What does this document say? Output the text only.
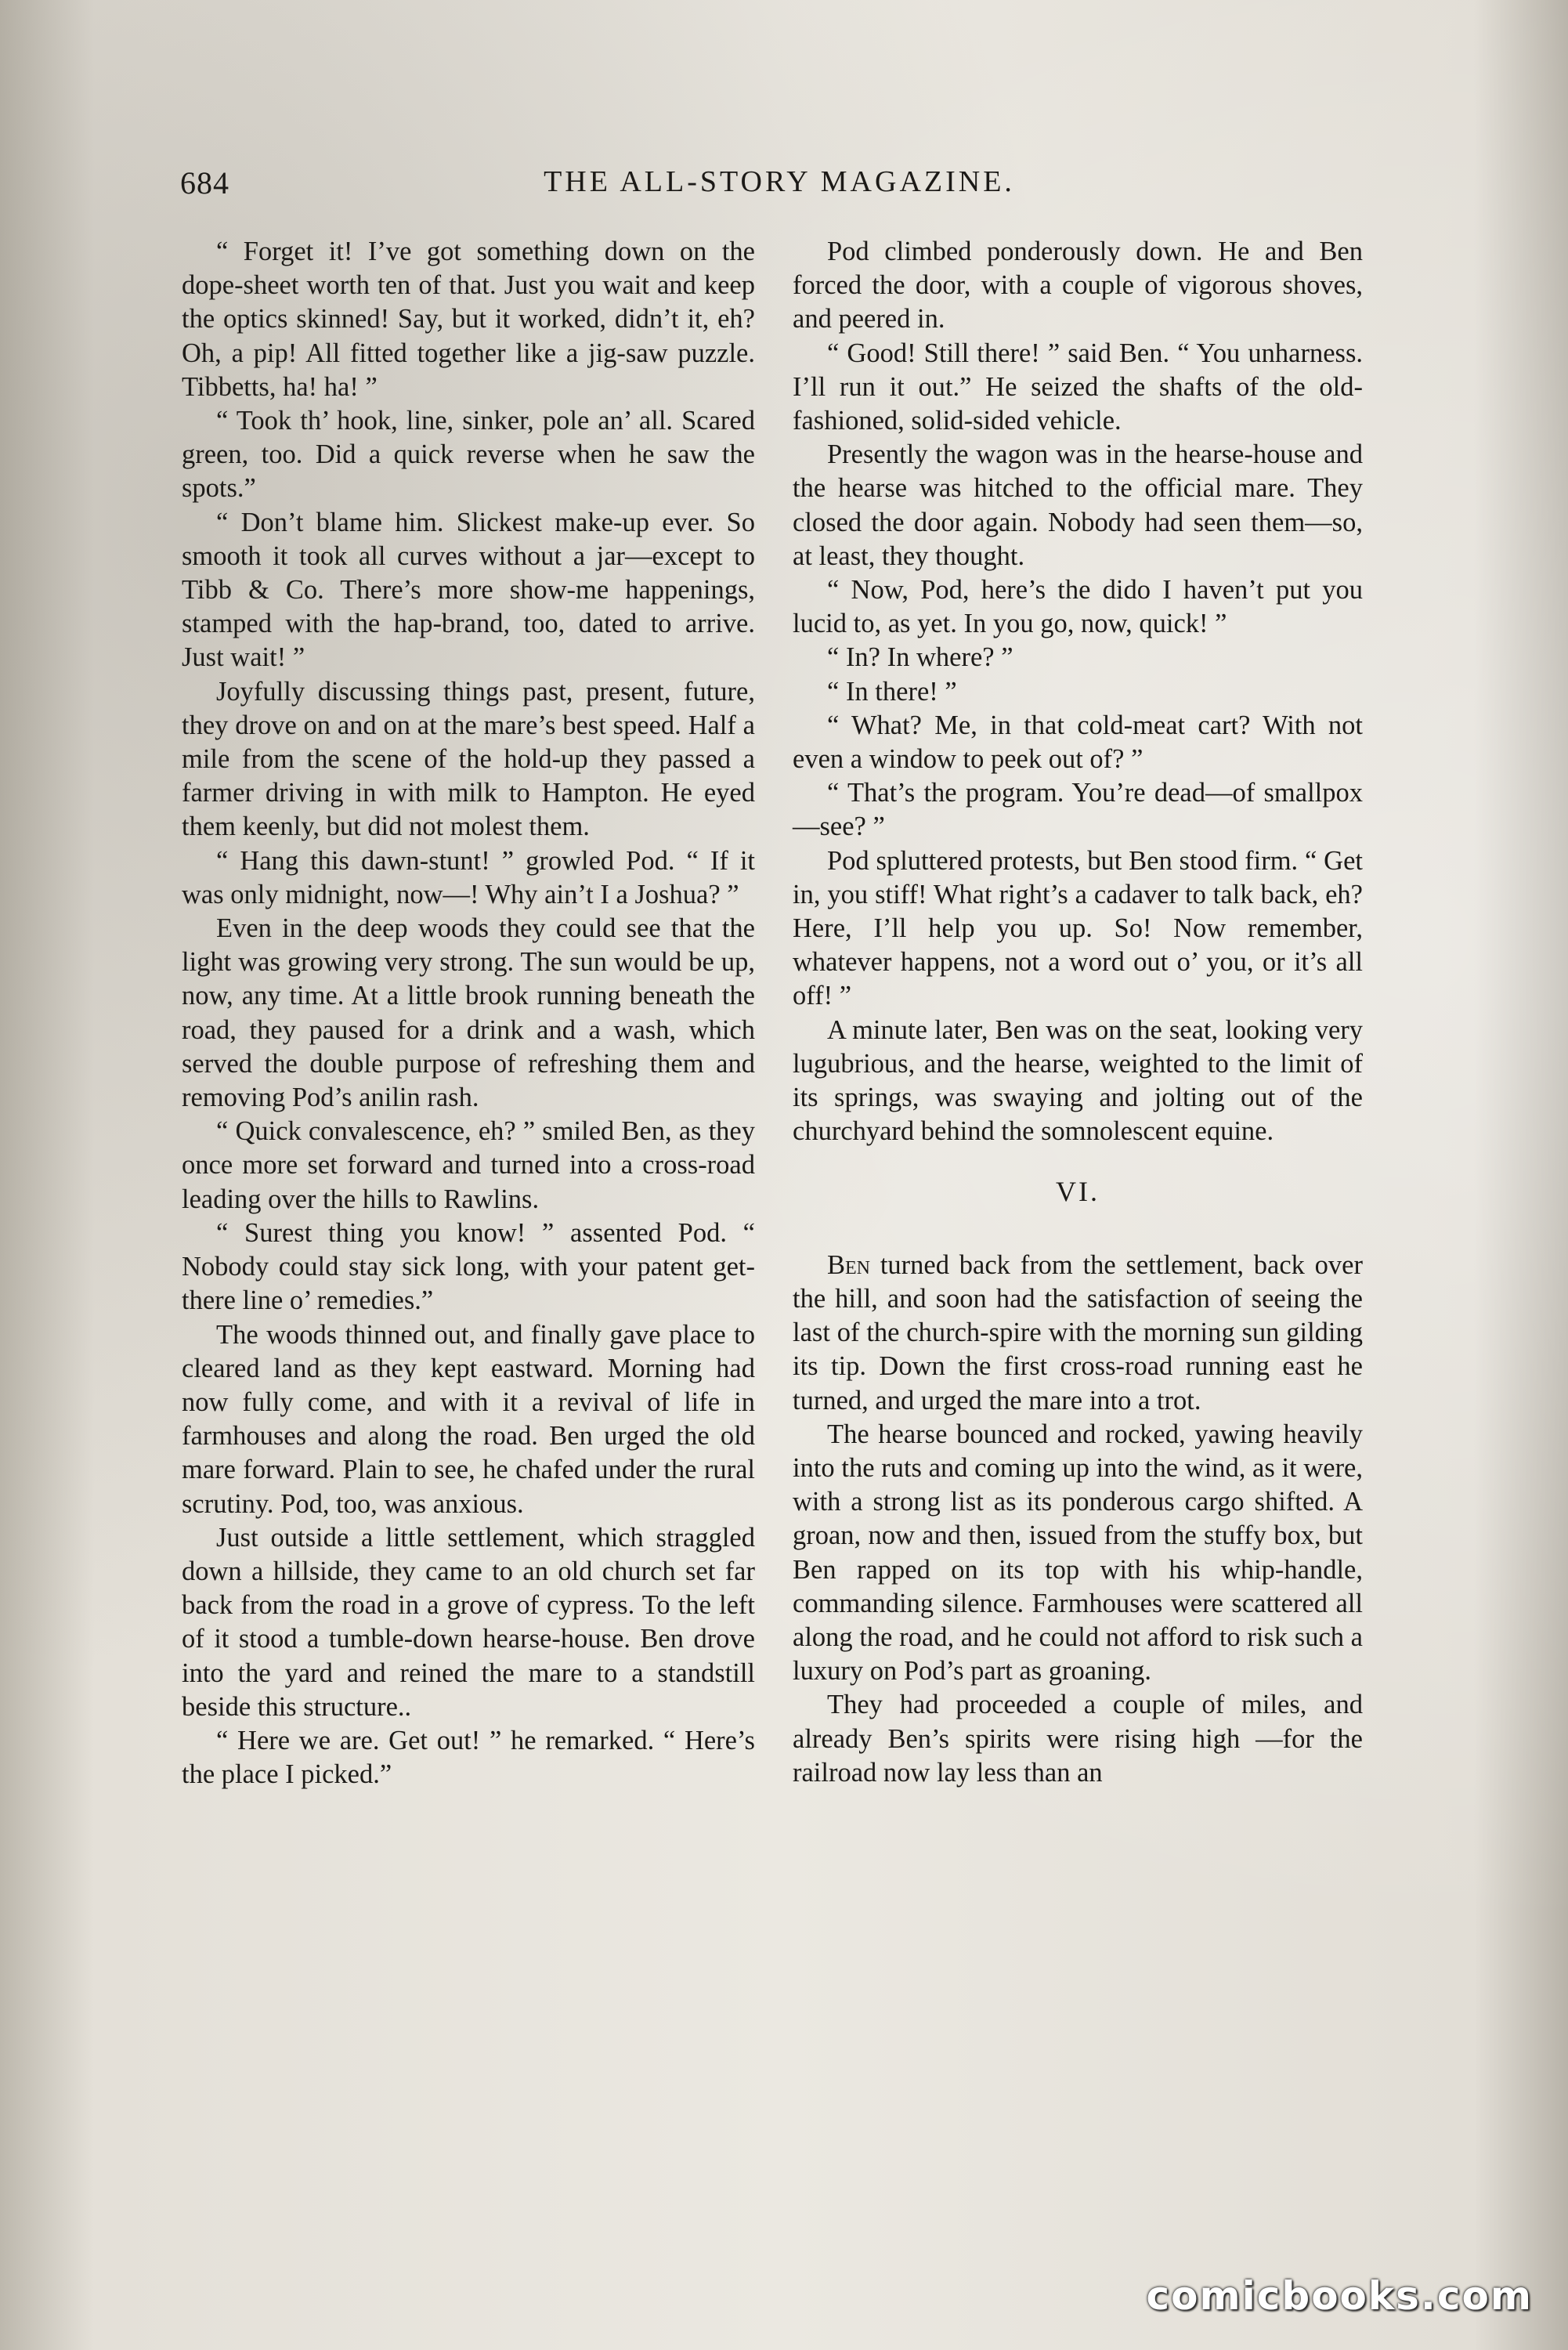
684	THE ALL-STORY MAGAZINE.

“ Forget it! I’ve got something down on the dope-sheet worth ten of that. Just you wait and keep the optics skinned! Say, but it worked, didn’t it, eh? Oh, a pip! All fitted together like a jig-saw puzzle. Tibbetts, ha! ha! ”

“ Took th’ hook, line, sinker, pole an’ all. Scared green, too. Did a quick reverse when he saw the spots.”

“ Don’t blame him. Slickest make-up ever. So smooth it took all curves without a jar—except to Tibb & Co. There’s more show-me happenings, stamped with the hap-brand, too, dated to arrive. Just wait! ”

Joyfully discussing things past, present, future, they drove on and on at the mare’s best speed. Half a mile from the scene of the hold-up they passed a farmer driving in with milk to Hampton. He eyed them keenly, but did not molest them.

“ Hang this dawn-stunt! ” growled Pod. “ If it was only midnight, now—! Why ain’t I a Joshua? ”

Even in the deep woods they could see that the light was growing very strong. The sun would be up, now, any time. At a little brook running beneath the road, they paused for a drink and a wash, which served the double purpose of refreshing them and removing Pod’s anilin rash.

“ Quick convalescence, eh? ” smiled Ben, as they once more set forward and turned into a cross-road leading over the hills to Rawlins.

“ Surest thing you know! ” assented Pod. “ Nobody could stay sick long, with your patent get-there line o’ remedies.”

The woods thinned out, and finally gave place to cleared land as they kept eastward. Morning had now fully come, and with it a revival of life in farmhouses and along the road. Ben urged the old mare forward. Plain to see, he chafed under the rural scrutiny. Pod, too, was anxious.

Just outside a little settlement, which straggled down a hillside, they came to an old church set far back from the road in a grove of cypress. To the left of it stood a tumble-down hearse-house. Ben drove into the yard and reined the mare to a standstill beside this structure..

“ Here we are. Get out! ” he remarked. “ Here’s the place I picked.”

Pod climbed ponderously down. He and Ben forced the door, with a couple of vigorous shoves, and peered in.

“ Good! Still there! ” said Ben. “ You unharness. I’ll run it out.” He seized the shafts of the old-fashioned, solid-sided vehicle.

Presently the wagon was in the hearse-house and the hearse was hitched to the official mare. They closed the door again. Nobody had seen them—so, at least, they thought.

“ Now, Pod, here’s the dido I haven’t put you lucid to, as yet. In you go, now, quick! ”

“ In? In where? ”

“ In there! ”

“ What? Me, in that cold-meat cart? With not even a window to peek out of? ”

“ That’s the program. You’re dead—of smallpox—see? ”

Pod spluttered protests, but Ben stood firm. “ Get in, you stiff! What right’s a cadaver to talk back, eh? Here, I’ll help you up. So! Now remember, whatever happens, not a word out o’ you, or it’s all off! ”

A minute later, Ben was on the seat, looking very lugubrious, and the hearse, weighted to the limit of its springs, was swaying and jolting out of the churchyard behind the somnolescent equine.

VI.

Ben turned back from the settlement, back over the hill, and soon had the satisfaction of seeing the last of the church-spire with the morning sun gilding its tip. Down the first cross-road running east he turned, and urged the mare into a trot.

The hearse bounced and rocked, yawing heavily into the ruts and coming up into the wind, as it were, with a strong list as its ponderous cargo shifted. A groan, now and then, issued from the stuffy box, but Ben rapped on its top with his whip-handle, commanding silence. Farmhouses were scattered all along the road, and he could not afford to risk such a luxury on Pod’s part as groaning.

They had proceeded a couple of miles, and already Ben’s spirits were rising high —for the railroad now lay less than an

comicbooks.com
